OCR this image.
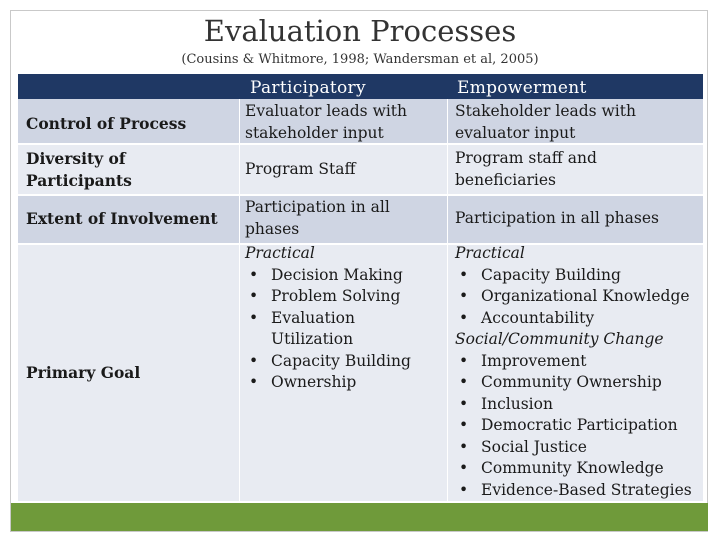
Evaluation Processes
(Cousins & Whitmore, 1998; Wandersman et al, 2005)
Participatory	Empowerment
Control of Process
Evaluator leads with stakeholder input
Stakeholder leads with evaluator input
Diversity of Participants
Program Staff
Program staff and beneficiaries
Extent of Involvement
Participation in all phases
Participation in all phases
Primary Goal
Practical
• Decision Making
• Problem Solving
• Evaluation Utilization
• Capacity Building
• Ownership
Practical
• Capacity Building
• Organizational Knowledge
• Accountability
Social/Community Change
• Improvement
• Community Ownership
• Inclusion
• Democratic Participation
• Social Justice
• Community Knowledge
• Evidence-Based Strategies
